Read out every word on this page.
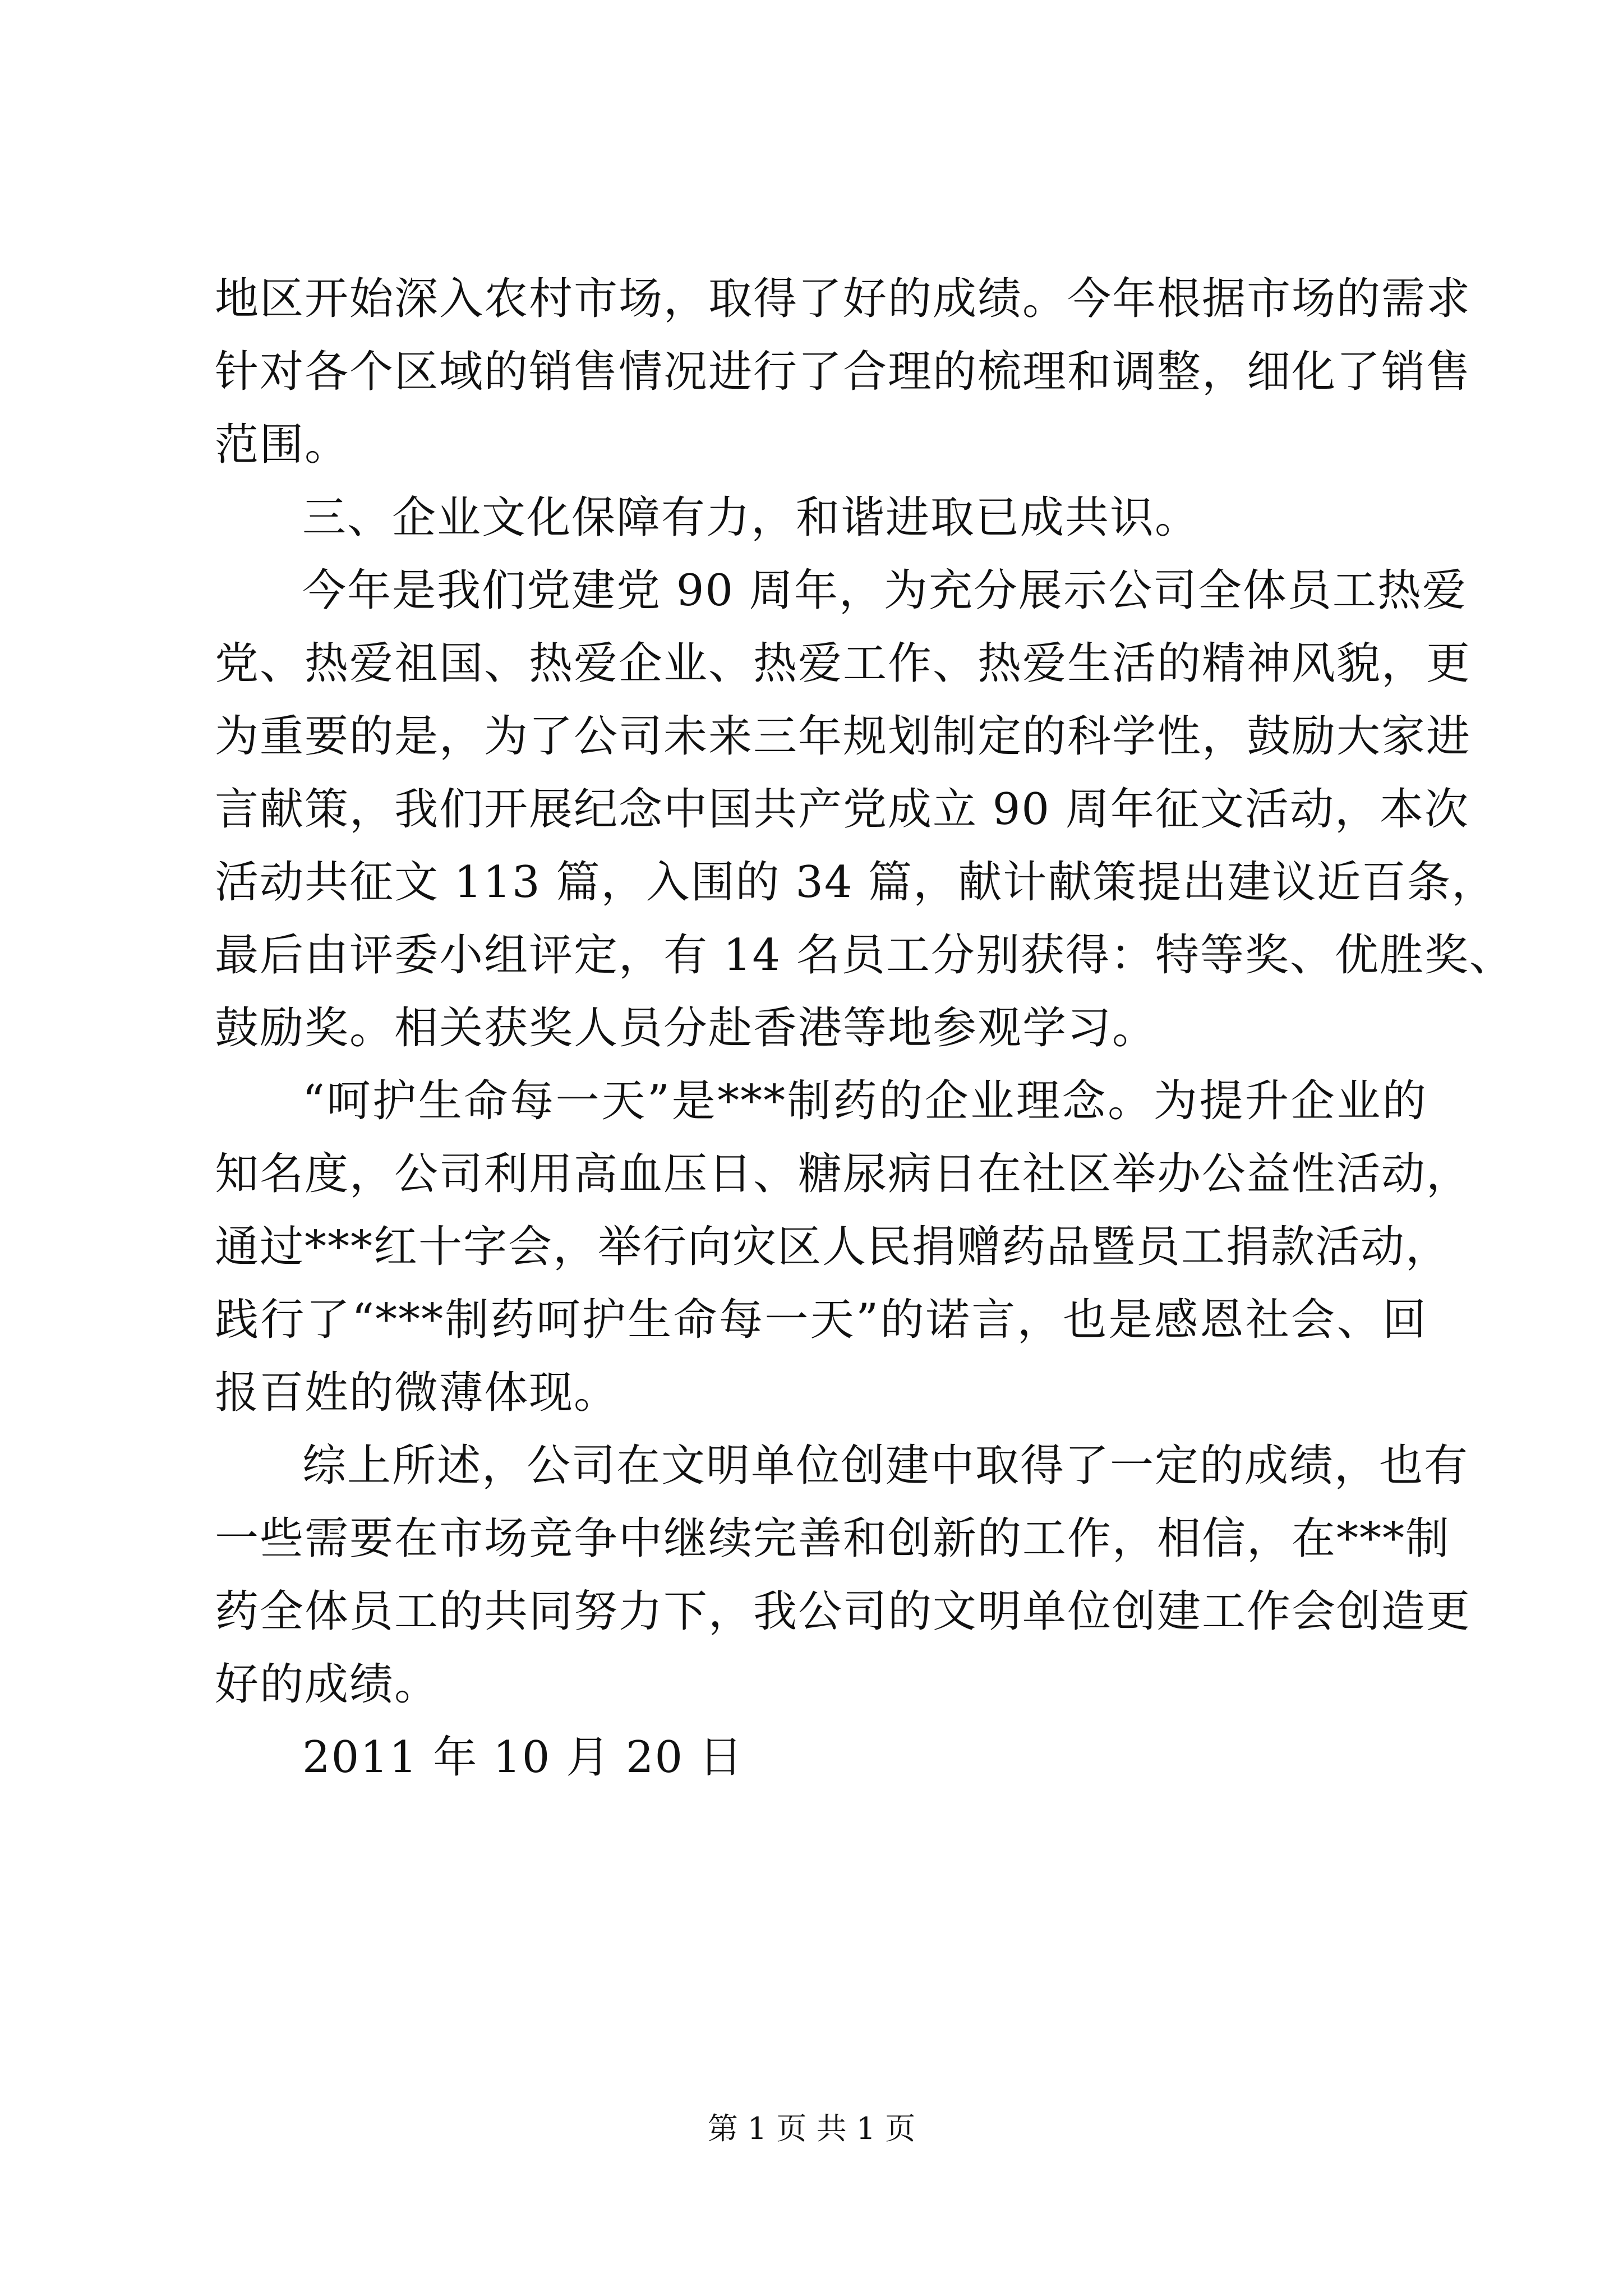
地区开始深入农村市场，取得了好的成绩。今年根据市场的需求
针对各个区域的销售情况进行了合理的梳理和调整，细化了销售
范围。
三、企业文化保障有力，和谐进取已成共识。
今年是我们党建党 90 周年，为充分展示公司全体员工热爱
党、热爱祖国、热爱企业、热爱工作、热爱生活的精神风貌，更
为重要的是，为了公司未来三年规划制定的科学性，鼓励大家进
言献策，我们开展纪念中国共产党成立 90 周年征文活动，本次
活动共征文 113 篇，入围的 34 篇，献计献策提出建议近百条，
最后由评委小组评定，有 14 名员工分别获得：特等奖、优胜奖、
鼓励奖。相关获奖人员分赴香港等地参观学习。
“呵护生命每一天”是***制药的企业理念。为提升企业的
知名度，公司利用高血压日、糖尿病日在社区举办公益性活动，
通过***红十字会，举行向灾区人民捐赠药品暨员工捐款活动，
践行了“***制药呵护生命每一天”的诺言，也是感恩社会、回
报百姓的微薄体现。
综上所述，公司在文明单位创建中取得了一定的成绩，也有
一些需要在市场竞争中继续完善和创新的工作，相信，在***制
药全体员工的共同努力下，我公司的文明单位创建工作会创造更
好的成绩。
2011 年 10 月 20 日
第 1 页 共 1 页
